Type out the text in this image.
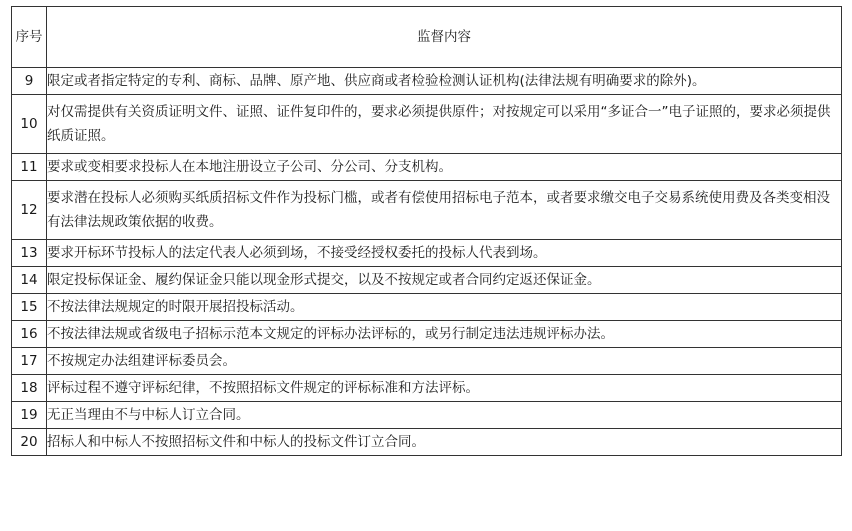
序号	监督内容
9	限定或者指定特定的专利、商标、品牌、原产地、供应商或者检验检测认证机构(法律法规有明确要求的除外)。
10	对仅需提供有关资质证明文件、证照、证件复印件的，要求必须提供原件；对按规定可以采用“多证合一”电子证照的，要求必须提供纸质证照。
11	要求或变相要求投标人在本地注册设立子公司、分公司、分支机构。
12	要求潜在投标人必须购买纸质招标文件作为投标门槛，或者有偿使用招标电子范本，或者要求缴交电子交易系统使用费及各类变相没有法律法规政策依据的收费。
13	要求开标环节投标人的法定代表人必须到场，不接受经授权委托的投标人代表到场。
14	限定投标保证金、履约保证金只能以现金形式提交，以及不按规定或者合同约定返还保证金。
15	不按法律法规规定的时限开展招投标活动。
16	不按法律法规或省级电子招标示范本文规定的评标办法评标的，或另行制定违法违规评标办法。
17	不按规定办法组建评标委员会。
18	评标过程不遵守评标纪律，不按照招标文件规定的评标标准和方法评标。
19	无正当理由不与中标人订立合同。
20	招标人和中标人不按照招标文件和中标人的投标文件订立合同。
